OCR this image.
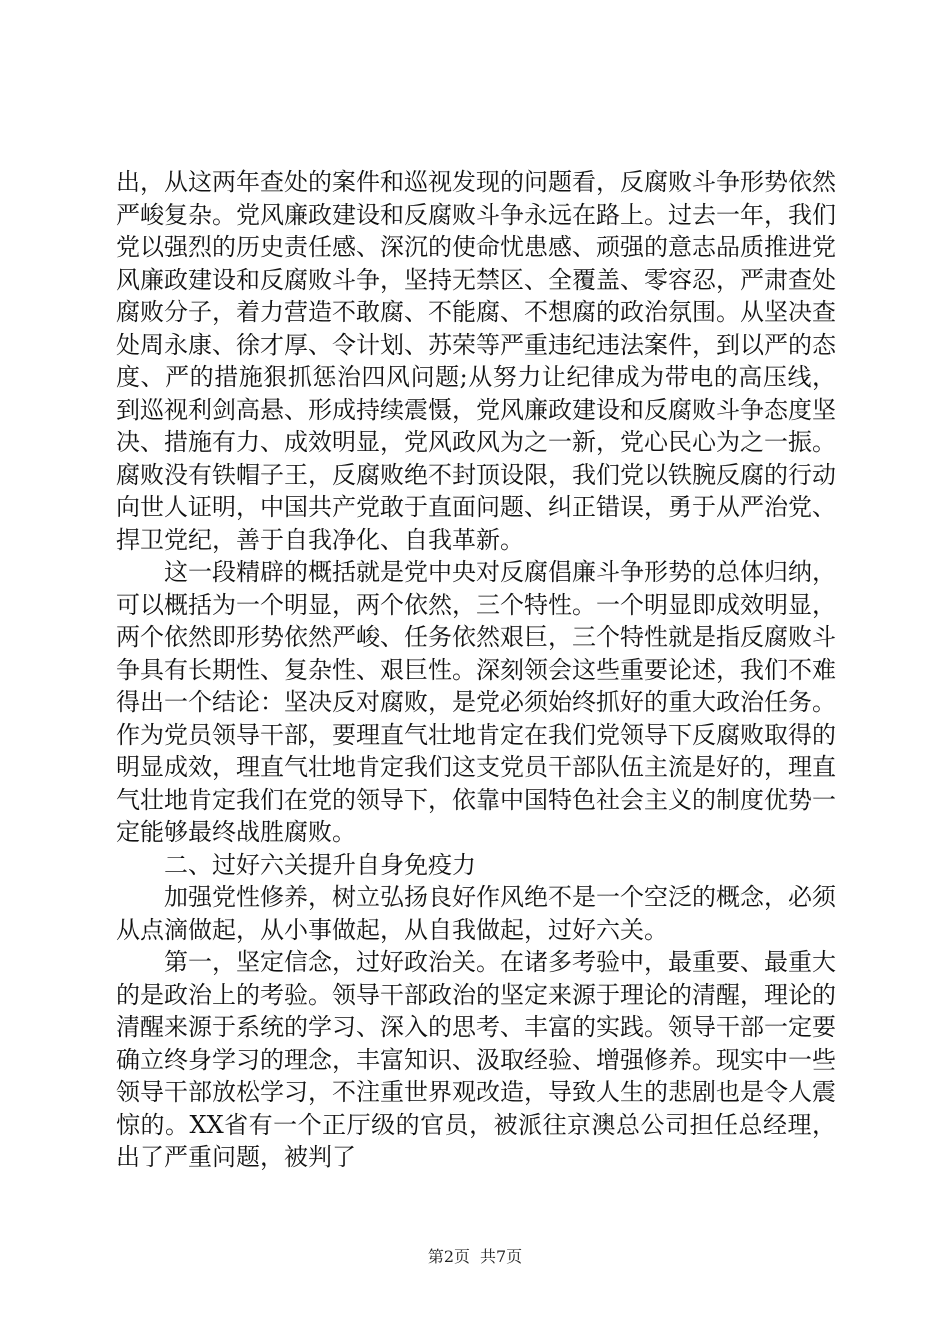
出，从这两年查处的案件和巡视发现的问题看，反腐败斗争形势依然严峻复杂。党风廉政建设和反腐败斗争永远在路上。过去一年，我们党以强烈的历史责任感、深沉的使命忧患感、顽强的意志品质推进党风廉政建设和反腐败斗争，坚持无禁区、全覆盖、零容忍，严肃查处腐败分子，着力营造不敢腐、不能腐、不想腐的政治氛围。从坚决查处周永康、徐才厚、令计划、苏荣等严重违纪违法案件，到以严的态度、严的措施狠抓惩治四风问题;从努力让纪律成为带电的高压线，到巡视利剑高悬、形成持续震慑，党风廉政建设和反腐败斗争态度坚决、措施有力、成效明显，党风政风为之一新，党心民心为之一振。腐败没有铁帽子王，反腐败绝不封顶设限，我们党以铁腕反腐的行动向世人证明，中国共产党敢于直面问题、纠正错误，勇于从严治党、捍卫党纪，善于自我净化、自我革新。

这一段精辟的概括就是党中央对反腐倡廉斗争形势的总体归纳，可以概括为一个明显，两个依然，三个特性。一个明显即成效明显，两个依然即形势依然严峻、任务依然艰巨，三个特性就是指反腐败斗争具有长期性、复杂性、艰巨性。深刻领会这些重要论述，我们不难得出一个结论：坚决反对腐败，是党必须始终抓好的重大政治任务。作为党员领导干部，要理直气壮地肯定在我们党领导下反腐败取得的明显成效，理直气壮地肯定我们这支党员干部队伍主流是好的，理直气壮地肯定我们在党的领导下，依靠中国特色社会主义的制度优势一定能够最终战胜腐败。

二、过好六关提升自身免疫力

加强党性修养，树立弘扬良好作风绝不是一个空泛的概念，必须从点滴做起，从小事做起，从自我做起，过好六关。

第一，坚定信念，过好政治关。在诸多考验中，最重要、最重大的是政治上的考验。领导干部政治的坚定来源于理论的清醒，理论的清醒来源于系统的学习、深入的思考、丰富的实践。领导干部一定要确立终身学习的理念，丰富知识、汲取经验、增强修养。现实中一些领导干部放松学习，不注重世界观改造，导致人生的悲剧也是令人震惊的。XX省有一个正厅级的官员，被派往京澳总公司担任总经理，出了严重问题，被判了

第2页 共7页
